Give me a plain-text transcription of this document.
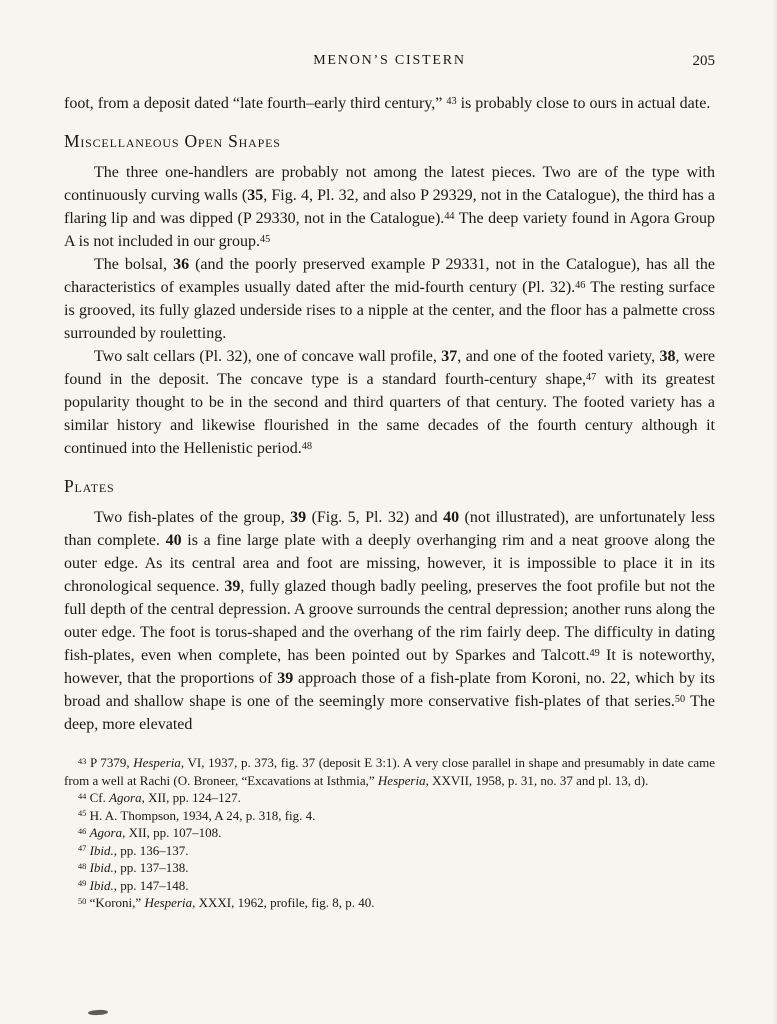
MENON’S CISTERN	205

foot, from a deposit dated “late fourth–early third century,” $^{43}$ is probably close to ours in actual date.

Miscellaneous Open Shapes

The three one-handlers are probably not among the latest pieces. Two are of the type with continuously curving walls (35, Fig. 4, Pl. 32, and also P 29329, not in the Catalogue), the third has a flaring lip and was dipped (P 29330, not in the Catalogue).$^{44}$ The deep variety found in Agora Group A is not included in our group.$^{45}$

The bolsal, 36 (and the poorly preserved example P 29331, not in the Catalogue), has all the characteristics of examples usually dated after the mid-fourth century (Pl. 32).$^{46}$ The resting surface is grooved, its fully glazed underside rises to a nipple at the center, and the floor has a palmette cross surrounded by rouletting.

Two salt cellars (Pl. 32), one of concave wall profile, 37, and one of the footed variety, 38, were found in the deposit. The concave type is a standard fourth-century shape,$^{47}$ with its greatest popularity thought to be in the second and third quarters of that century. The footed variety has a similar history and likewise flourished in the same decades of the fourth century although it continued into the Hellenistic period.$^{48}$

Plates

Two fish-plates of the group, 39 (Fig. 5, Pl. 32) and 40 (not illustrated), are unfortunately less than complete. 40 is a fine large plate with a deeply overhanging rim and a neat groove along the outer edge. As its central area and foot are missing, however, it is impossible to place it in its chronological sequence. 39, fully glazed though badly peeling, preserves the foot profile but not the full depth of the central depression. A groove surrounds the central depression; another runs along the outer edge. The foot is torus-shaped and the overhang of the rim fairly deep. The difficulty in dating fish-plates, even when complete, has been pointed out by Sparkes and Talcott.$^{49}$ It is noteworthy, however, that the proportions of 39 approach those of a fish-plate from Koroni, no. 22, which by its broad and shallow shape is one of the seemingly more conservative fish-plates of that series.$^{50}$ The deep, more elevated

$^{43}$ P 7379, Hesperia, VI, 1937, p. 373, fig. 37 (deposit E 3:1). A very close parallel in shape and presumably in date came from a well at Rachi (O. Broneer, “Excavations at Isthmia,” Hesperia, XXVII, 1958, p. 31, no. 37 and pl. 13, d).

$^{44}$ Cf. Agora, XII, pp. 124–127.

$^{45}$ H. A. Thompson, 1934, A 24, p. 318, fig. 4.

$^{46}$ Agora, XII, pp. 107–108.

$^{47}$ Ibid., pp. 136–137.

$^{48}$ Ibid., pp. 137–138.

$^{49}$ Ibid., pp. 147–148.

$^{50}$ “Koroni,” Hesperia, XXXI, 1962, profile, fig. 8, p. 40.
